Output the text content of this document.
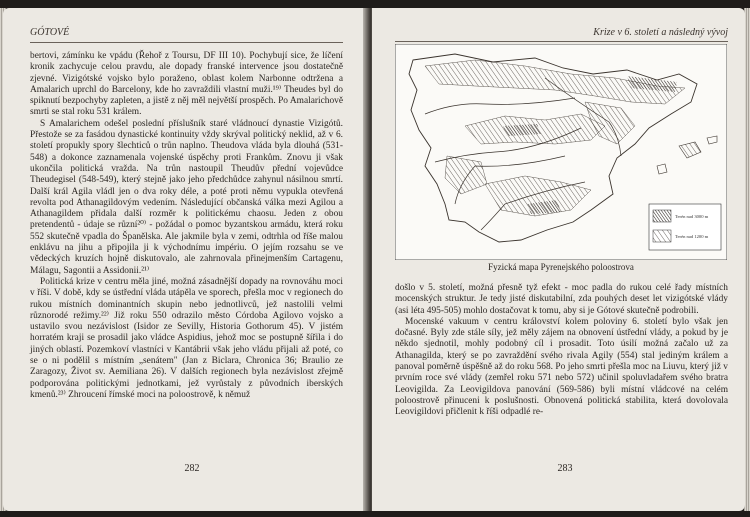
GÓTOVÉ

bertovi, zámínku ke vpádu (Řehoř z Toursu, DF III 10). Pochybují sice, že líčení kronik zachycuje celou pravdu, ale dopady franské intervence jsou dostatečně zjevné. Vizigótské vojsko bylo poraženo, oblast kolem Narbonne odtržena a Amalarich uprchl do Barcelony, kde ho zavraždili vlastní muži.¹⁹⁾ Theudes byl do spiknutí bezpochyby zapleten, a jistě z něj měl největší prospěch. Po Amalarichově smrti se stal roku 531 králem.

S Amalarichem odešel poslední příslušník staré vládnoucí dynastie Vizigótů. Přestože se za fasádou dynastické kontinuity vždy skrýval politický neklid, až v 6. století propukly spory šlechticů o trůn naplno. Theudova vláda byla dlouhá (531-548) a dokonce zaznamenala vojenské úspěchy proti Frankům. Znovu ji však ukončila politická vražda. Na trůn nastoupil Theudův přední vojevůdce Theudegisel (548-549), který stejně jako jeho předchůdce zahynul násilnou smrtí. Další král Agila vládl jen o dva roky déle, a poté proti němu vypukla otevřená revolta pod Athanagildovým vedením. Následující občanská válka mezi Agilou a Athanagildem přidala další rozměr k politickému chaosu. Jeden z obou pretendentů - údaje se různí²⁰⁾ - požádal o pomoc byzantskou armádu, která roku 552 skutečně vpadla do Španělska. Ale jakmile byla v zemi, odtrhla od říše malou enklávu na jihu a připojila ji k východnímu impériu. O jejím rozsahu se ve vědeckých kruzích hojně diskutovalo, ale zahrnovala přinejmenším Cartagenu, Málagu, Sagontii a Assidonii.²¹⁾

Politická krize v centru měla jiné, možná zásadnější dopady na rovnováhu moci v říši. V době, kdy se ústřední vláda utápěla ve sporech, přešla moc v regionech do rukou místních dominantních skupin nebo jednotlivců, jež nastolili velmi různorodé režimy.²²⁾ Již roku 550 odrazilo město Córdoba Agilovo vojsko a ustavilo svou nezávislost (Isidor ze Sevilly, Historia Gothorum 45). V jistém horratém kraji se prosadil jako vládce Aspidius, jehož moc se postupně šířila i do jiných oblastí. Pozemkoví vlastníci v Kantábrii však jeho vládu přijali až poté, co se o ni podělil s místním „senátem" (Jan z Biclara, Chronica 36; Braulio ze Zaragozy, Život sv. Aemiliana 26). V dalších regionech byla nezávislost zřejmě podporována politickými jednotkami, jež vyrůstaly z původních iberských kmenů.²³⁾ Zhroucení římské moci na poloostrově, k němuž

282
Krize v 6. století a následný vývoj
Terén nad 3000 m
Terén nad 1200 m
Fyzická mapa Pyrenejského poloostrova

došlo v 5. století, možná přesně tyž efekt - moc padla do rukou celé řady místních mocenských struktur. Je tedy jisté diskutabilní, zda pouhých deset let vizigótské vlády (asi léta 495-505) mohlo dostačovat k tomu, aby si je Gótové skutečně podrobili.

Mocenské vakuum v centru království kolem poloviny 6. století bylo však jen dočasné. Byly zde stále síly, jež měly zájem na obnovení ústřední vlády, a pokud by je někdo sjednotil, mohly podobný cíl i prosadit. Toto úsilí možná začalo už za Athanagilda, který se po zavraždění svého rivala Agily (554) stal jediným králem a panoval poměrně úspěšně až do roku 568. Po jeho smrti přešla moc na Liuvu, který již v prvním roce své vlády (zemřel roku 571 nebo 572) učinil spoluvladařem svého bratra Leovigilda. Za Leovigildova panování (569-586) byli místní vládcové na celém poloostrově přinuceni k poslušnosti. Obnovená politická stabilita, která dovolovala Leovigildovi přičlenit k říši odpadlé re-

283
